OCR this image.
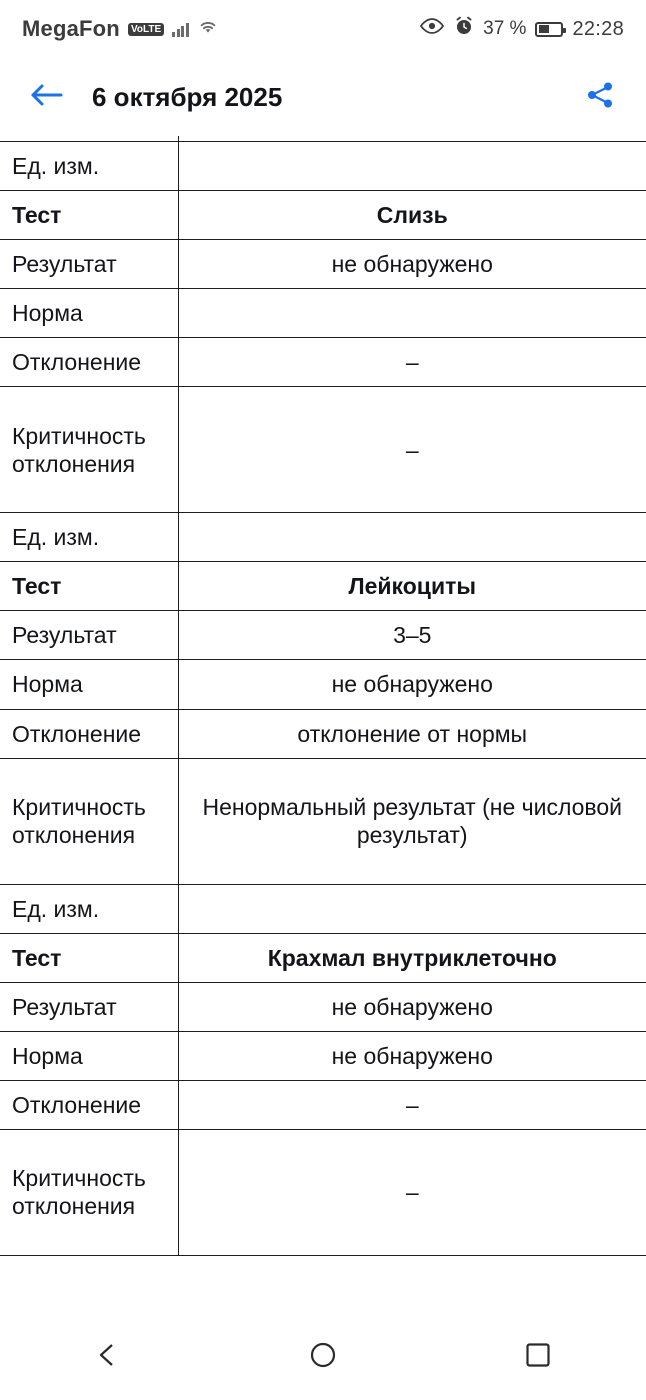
MegaFon	VoLTE	37 % 22:28
6 октября 2025

Ед. изм.	
Тест	Слизь
Результат	не обнаружено
Норма	
Отклонение	–
Критичность отклонения	–
Ед. изм.	
Тест	Лейкоциты
Результат	3–5
Норма	не обнаружено
Отклонение	отклонение от нормы
Критичность отклонения	Ненормальный результат (не числовой результат)
Ед. изм.	
Тест	Крахмал внутриклеточно
Результат	не обнаружено
Норма	не обнаружено
Отклонение	–
Критичность отклонения	–
